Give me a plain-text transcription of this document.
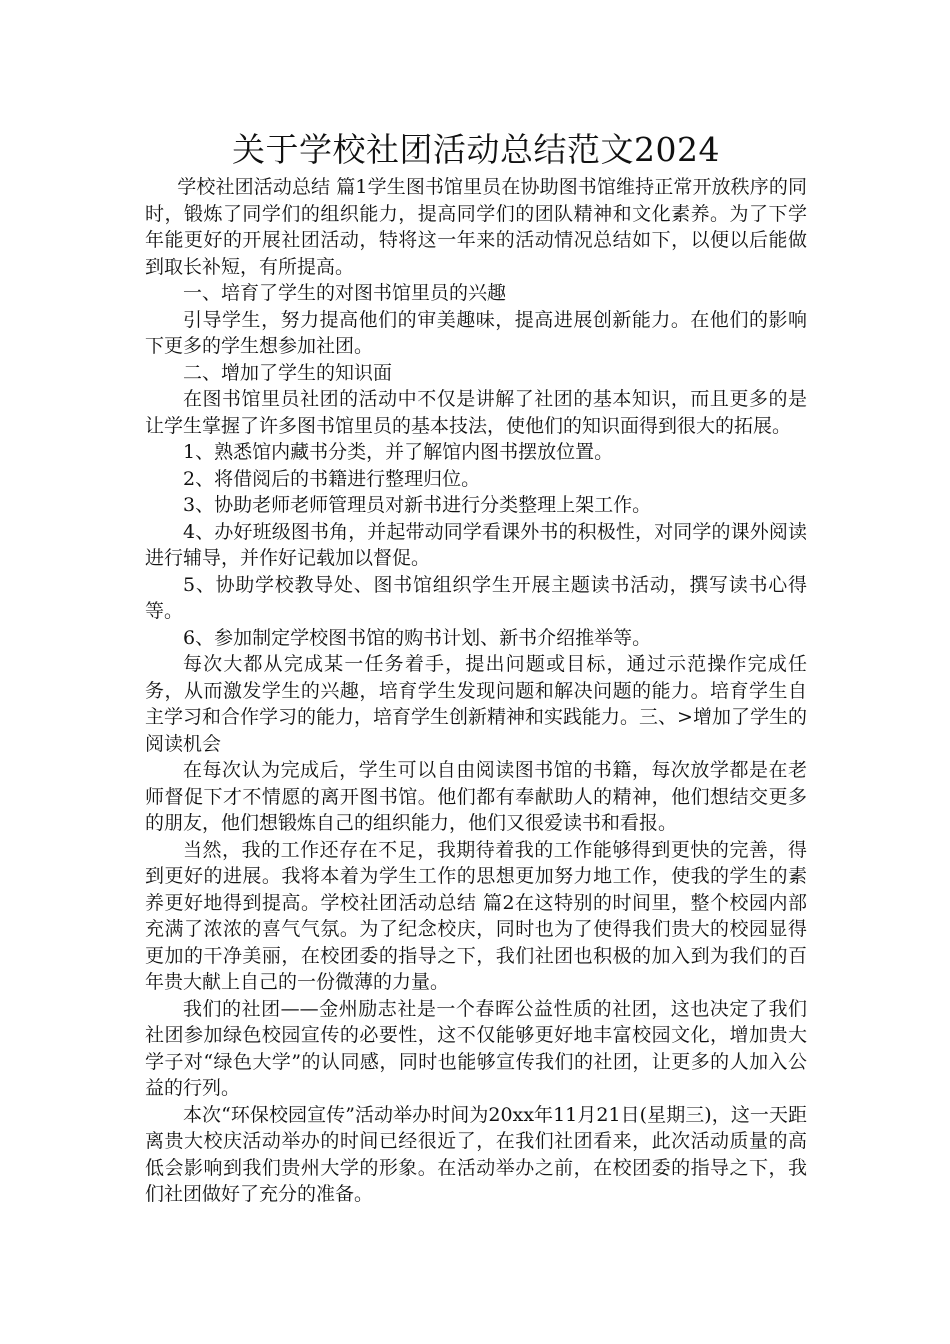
关于学校社团活动总结范文2024

学校社团活动总结 篇1学生图书馆里员在协助图书馆维持正常开放秩序的同时，锻炼了同学们的组织能力，提高同学们的团队精神和文化素养。为了下学年能更好的开展社团活动，特将这一年来的活动情况总结如下，以便以后能做到取长补短，有所提高。

一、培育了学生的对图书馆里员的兴趣

引导学生，努力提高他们的审美趣味，提高进展创新能力。在他们的影响下更多的学生想参加社团。

二、增加了学生的知识面

在图书馆里员社团的活动中不仅是讲解了社团的基本知识，而且更多的是让学生掌握了许多图书馆里员的基本技法，使他们的知识面得到很大的拓展。

1、熟悉馆内藏书分类，并了解馆内图书摆放位置。

2、将借阅后的书籍进行整理归位。

3、协助老师老师管理员对新书进行分类整理上架工作。

4、办好班级图书角，并起带动同学看课外书的积极性，对同学的课外阅读进行辅导，并作好记载加以督促。

5、协助学校教导处、图书馆组织学生开展主题读书活动，撰写读书心得等。

6、参加制定学校图书馆的购书计划、新书介绍推举等。

每次大都从完成某一任务着手，提出问题或目标，通过示范操作完成任务，从而激发学生的兴趣，培育学生发现问题和解决问题的能力。培育学生自主学习和合作学习的能力，培育学生创新精神和实践能力。三、>增加了学生的阅读机会

在每次认为完成后，学生可以自由阅读图书馆的书籍，每次放学都是在老师督促下才不情愿的离开图书馆。他们都有奉献助人的精神，他们想结交更多的朋友，他们想锻炼自己的组织能力，他们又很爱读书和看报。

当然，我的工作还存在不足，我期待着我的工作能够得到更快的完善，得到更好的进展。我将本着为学生工作的思想更加努力地工作，使我的学生的素养更好地得到提高。学校社团活动总结 篇2在这特别的时间里，整个校园内部充满了浓浓的喜气气氛。为了纪念校庆，同时也为了使得我们贵大的校园显得更加的干净美丽，在校团委的指导之下，我们社团也积极的加入到为我们的百年贵大献上自己的一份微薄的力量。

我们的社团——金州励志社是一个春晖公益性质的社团，这也决定了我们社团参加绿色校园宣传的必要性，这不仅能够更好地丰富校园文化，增加贵大学子对“绿色大学”的认同感，同时也能够宣传我们的社团，让更多的人加入公益的行列。

本次“环保校园宣传”活动举办时间为20xx年11月21日(星期三)，这一天距离贵大校庆活动举办的时间已经很近了，在我们社团看来，此次活动质量的高低会影响到我们贵州大学的形象。在活动举办之前，在校团委的指导之下，我们社团做好了充分的准备。
